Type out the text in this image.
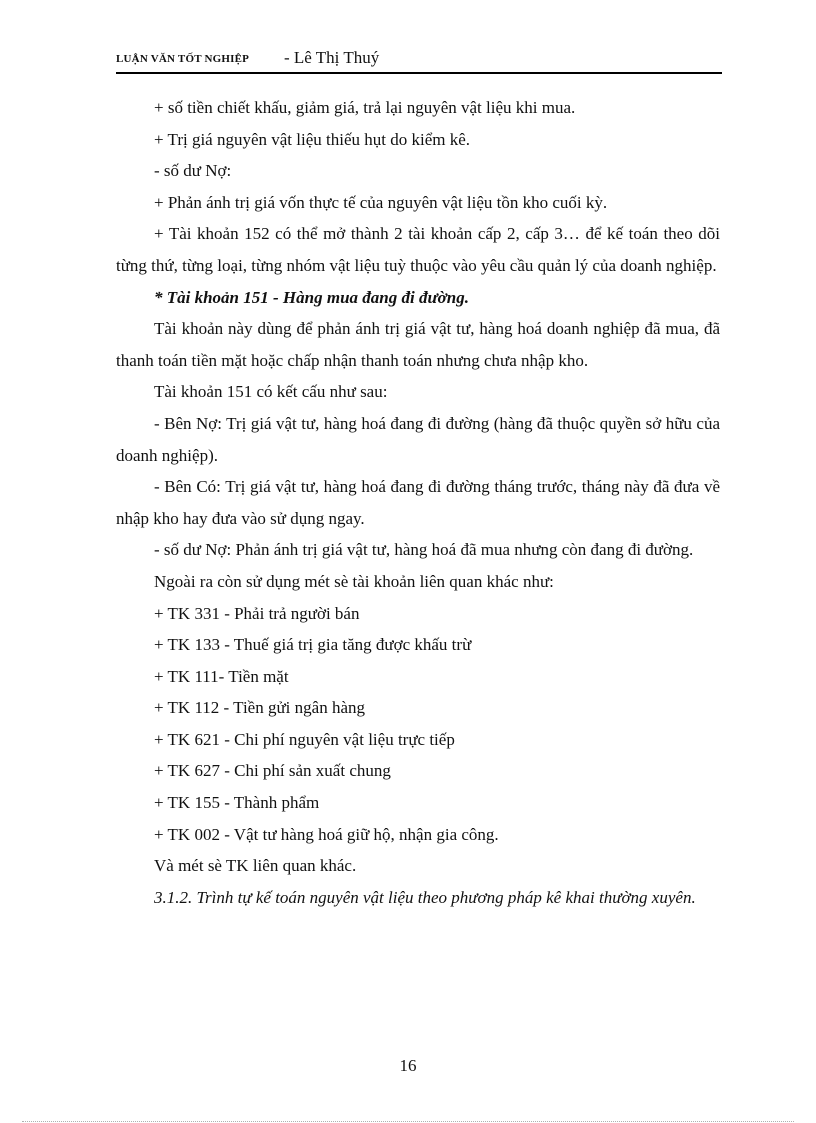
LUẬN VĂN TỐT NGHIỆP - Lê Thị Thuý

+ số tiền chiết khấu, giảm giá, trả lại nguyên vật liệu khi mua.

+ Trị giá nguyên vật liệu thiếu hụt do kiểm kê.

- số dư Nợ:

+ Phản ánh trị giá vốn thực tế của nguyên vật liệu tồn kho cuối kỳ.

+ Tài khoản 152 có thể mở thành 2 tài khoản cấp 2, cấp 3… để kế toán theo dõi từng thứ, từng loại, từng nhóm vật liệu tuỳ thuộc vào yêu cầu quản lý của doanh nghiệp.

* Tài khoản 151 - Hàng mua đang đi đường.

Tài khoản này dùng để phản ánh trị giá vật tư, hàng hoá doanh nghiệp đã mua, đã thanh toán tiền mặt hoặc chấp nhận thanh toán nhưng chưa nhập kho.

Tài khoản 151 có kết cấu như sau:

- Bên Nợ: Trị giá vật tư, hàng hoá đang đi đường (hàng đã thuộc quyền sở hữu của doanh nghiệp).

- Bên Có: Trị giá vật tư, hàng hoá đang đi đường tháng trước, tháng này đã đưa về nhập kho hay đưa vào sử dụng ngay.

- số dư Nợ: Phản ánh trị giá vật tư, hàng hoá đã mua nhưng còn đang đi đường.

Ngoài ra còn sử dụng mét sè tài khoản liên quan khác như:

+ TK 331 - Phải trả người bán

+ TK 133 - Thuế giá trị gia tăng được khấu trừ

+ TK 111- Tiền mặt

+ TK 112 - Tiền gửi ngân hàng

+ TK 621 - Chi phí nguyên vật liệu trực tiếp

+ TK 627 - Chi phí sản xuất chung

+ TK 155 - Thành phẩm

+ TK 002 - Vật tư hàng hoá giữ hộ, nhận gia công.

Và mét sè TK liên quan khác.

3.1.2. Trình tự kế toán nguyên vật liệu theo phương pháp kê khai thường xuyên.

16
